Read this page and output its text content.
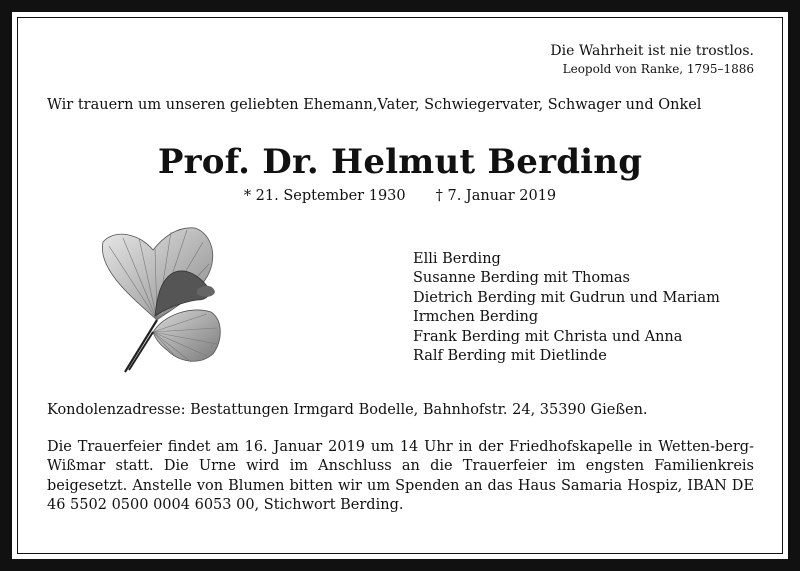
Die Wahrheit ist nie trostlos.
Leopold von Ranke, 1795–1886
Wir trauern um unseren geliebten Ehemann,Vater, Schwiegervater, Schwager und Onkel
Prof. Dr. Helmut Berding
* 21. September 1930 † 7. Januar 2019
Elli Berding
Susanne Berding mit Thomas
Dietrich Berding mit Gudrun und Mariam
Irmchen Berding
Frank Berding mit Christa und Anna
Ralf Berding mit Dietlinde
Kondolenzadresse: Bestattungen Irmgard Bodelle, Bahnhofstr. 24, 35390 Gießen.
Die Trauerfeier findet am 16. Januar 2019 um 14 Uhr in der Friedhofskapelle in Wetten-berg-Wißmar statt. Die Urne wird im Anschluss an die Trauerfeier im engsten Familienkreis beigesetzt. Anstelle von Blumen bitten wir um Spenden an das Haus Samaria Hospiz, IBAN DE 46 5502 0500 0004 6053 00, Stichwort Berding.
